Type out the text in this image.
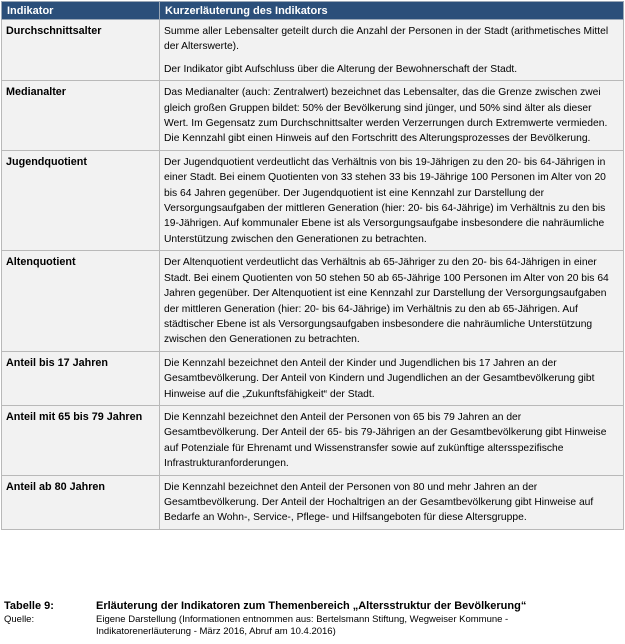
Indikator	Kurzerläuterung des Indikators
Durchschnittsalter	Summe aller Lebensalter geteilt durch die Anzahl der Personen in der Stadt (arithmetisches Mittel der Alterswerte).

Der Indikator gibt Aufschluss über die Alterung der Bewohnerschaft der Stadt.

Medianalter	Das Medianalter (auch: Zentralwert) bezeichnet das Lebensalter, das die Grenze zwischen zwei gleich großen Gruppen bildet: 50% der Bevölkerung sind jünger, und 50% sind älter als dieser Wert. Im Gegensatz zum Durchschnittsalter werden Verzerrungen durch Extremwerte vermieden. Die Kennzahl gibt einen Hinweis auf den Fortschritt des Alterungsprozesses der Bevölkerung.

Jugendquotient	Der Jugendquotient verdeutlicht das Verhältnis von bis 19-Jährigen zu den 20- bis 64-Jährigen in einer Stadt. Bei einem Quotienten von 33 stehen 33 bis 19-Jährige 100 Personen im Alter von 20 bis 64 Jahren gegenüber. Der Jugendquotient ist eine Kennzahl zur Darstellung der Versorgungsaufgaben der mittleren Generation (hier: 20- bis 64-Jährige) im Verhältnis zu den bis 19-Jährigen. Auf kommunaler Ebene ist als Versorgungsaufgabe insbesondere die nahräumliche Unterstützung zwischen den Generationen zu betrachten.

Altenquotient	Der Altenquotient verdeutlicht das Verhältnis ab 65-Jähriger zu den 20- bis 64-Jährigen in einer Stadt. Bei einem Quotienten von 50 stehen 50 ab 65-Jährige 100 Personen im Alter von 20 bis 64 Jahren gegenüber. Der Altenquotient ist eine Kennzahl zur Darstellung der Versorgungsaufgaben der mittleren Generation (hier: 20- bis 64-Jährige) im Verhältnis zu den ab 65-Jährigen. Auf städtischer Ebene ist als Versorgungsaufgaben insbesondere die nahräumliche Unterstützung zwischen den Generationen zu betrachten.

Anteil bis 17 Jahren	Die Kennzahl bezeichnet den Anteil der Kinder und Jugendlichen bis 17 Jahren an der Gesamtbevölkerung. Der Anteil von Kindern und Jugendlichen an der Gesamtbevölkerung gibt Hinweise auf die „Zukunftsfähigkeit“ der Stadt.

Anteil mit 65 bis 79 Jahren	Die Kennzahl bezeichnet den Anteil der Personen von 65 bis 79 Jahren an der Gesamtbevölkerung. Der Anteil der 65- bis 79-Jährigen an der Gesamtbevölkerung gibt Hinweise auf Potenziale für Ehrenamt und Wissenstransfer sowie auf zukünftige altersspezifische Infrastrukturanforderungen.

Anteil ab 80 Jahren	Die Kennzahl bezeichnet den Anteil der Personen von 80 und mehr Jahren an der Gesamtbevölkerung. Der Anteil der Hochaltrigen an der Gesamtbevölkerung gibt Hinweise auf Bedarfe an Wohn-, Service-, Pflege- und Hilfsangeboten für diese Altersgruppe.

Tabelle 9:	Erläuterung der Indikatoren zum Themenbereich „Altersstruktur der Bevölkerung“
Quelle:	Eigene Darstellung (Informationen entnommen aus: Bertelsmann Stiftung, Wegweiser Kommune - Indikatorenerläuterung - März 2016, Abruf am 10.4.2016)
